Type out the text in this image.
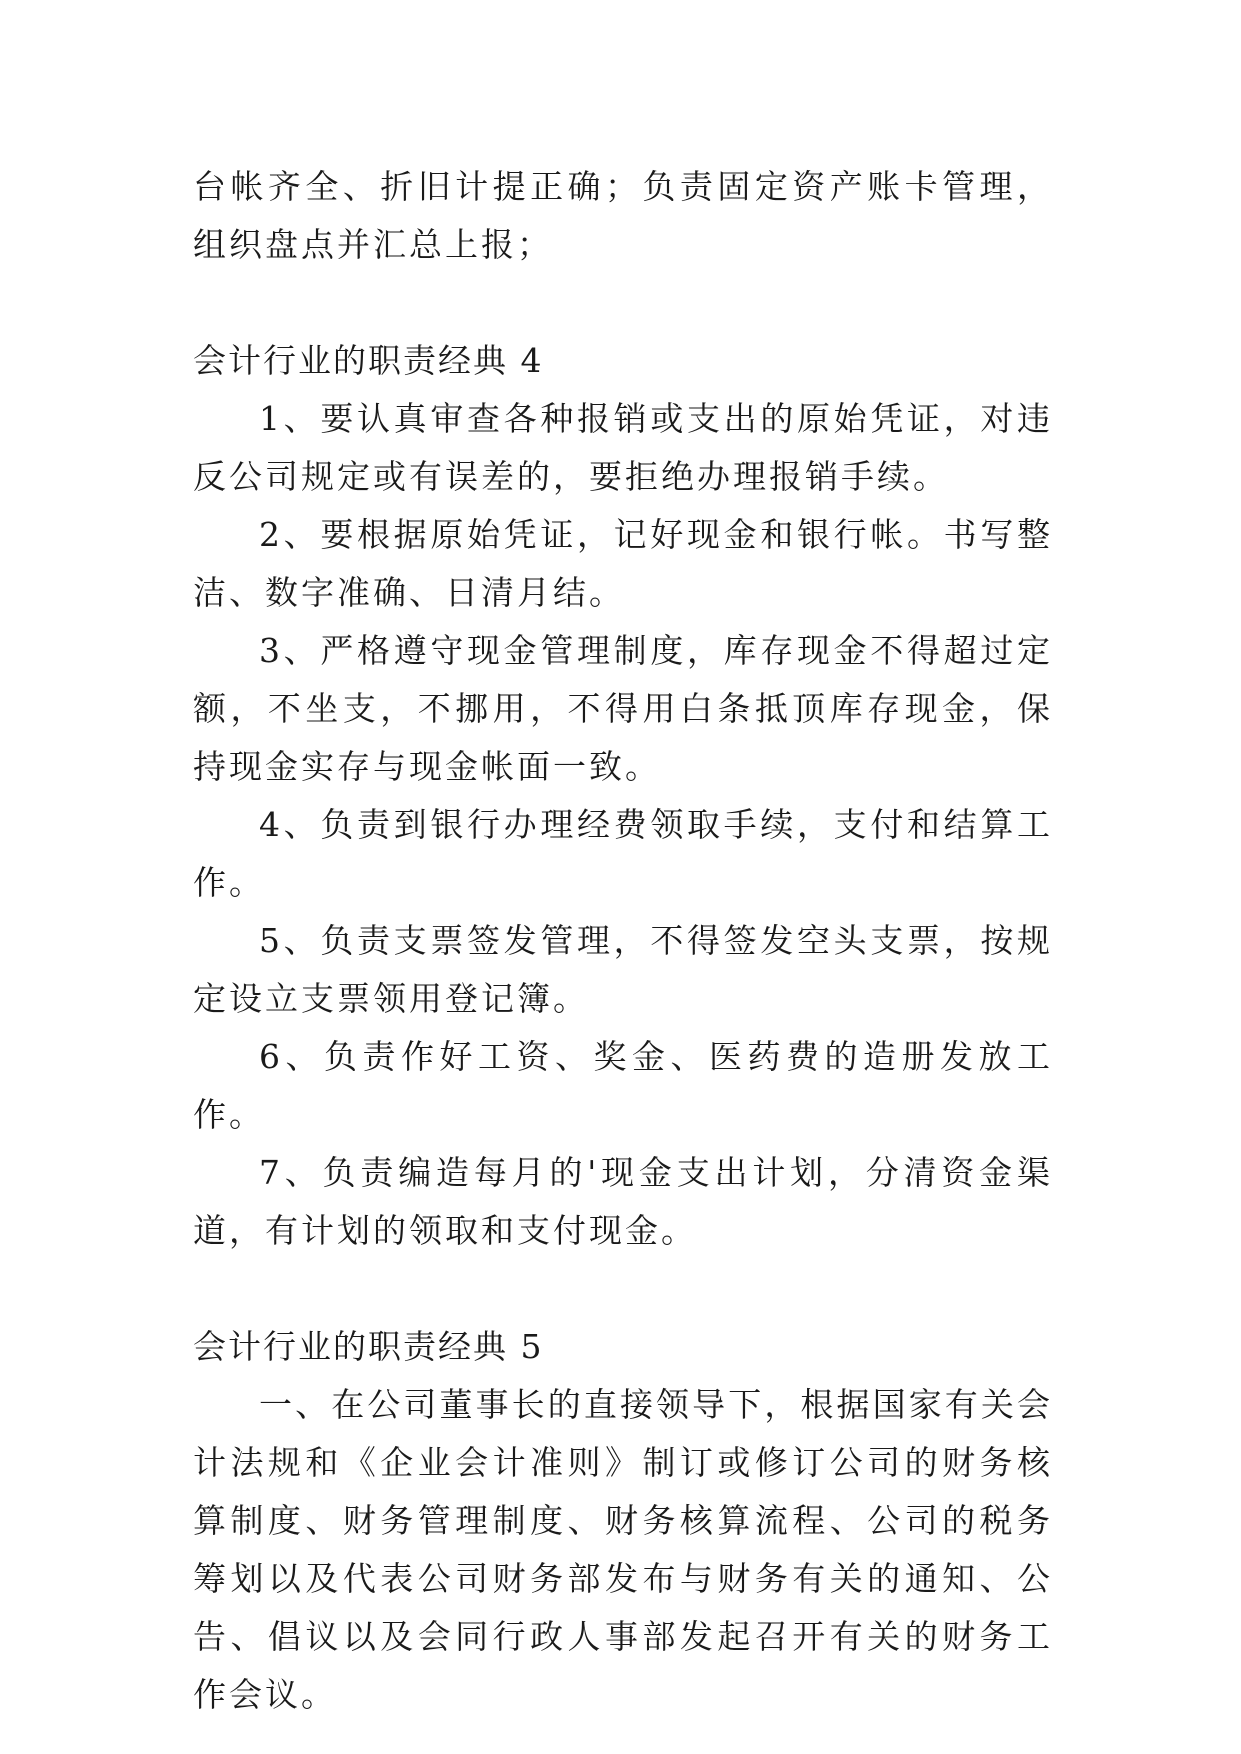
台帐齐全、折旧计提正确；负责固定资产账卡管理，组织盘点并汇总上报；

会计行业的职责经典 4

1、要认真审查各种报销或支出的原始凭证，对违反公司规定或有误差的，要拒绝办理报销手续。

2、要根据原始凭证，记好现金和银行帐。书写整洁、数字准确、日清月结。

3、严格遵守现金管理制度，库存现金不得超过定额，不坐支，不挪用，不得用白条抵顶库存现金，保持现金实存与现金帐面一致。

4、负责到银行办理经费领取手续，支付和结算工作。

5、负责支票签发管理，不得签发空头支票，按规定设立支票领用登记簿。

6、负责作好工资、奖金、医药费的造册发放工作。

7、负责编造每月的'现金支出计划，分清资金渠道，有计划的领取和支付现金。

会计行业的职责经典 5

一、在公司董事长的直接领导下，根据国家有关会计法规和《企业会计准则》制订或修订公司的财务核算制度、财务管理制度、财务核算流程、公司的税务筹划以及代表公司财务部发布与财务有关的通知、公告、倡议以及会同行政人事部发起召开有关的财务工作会议。
